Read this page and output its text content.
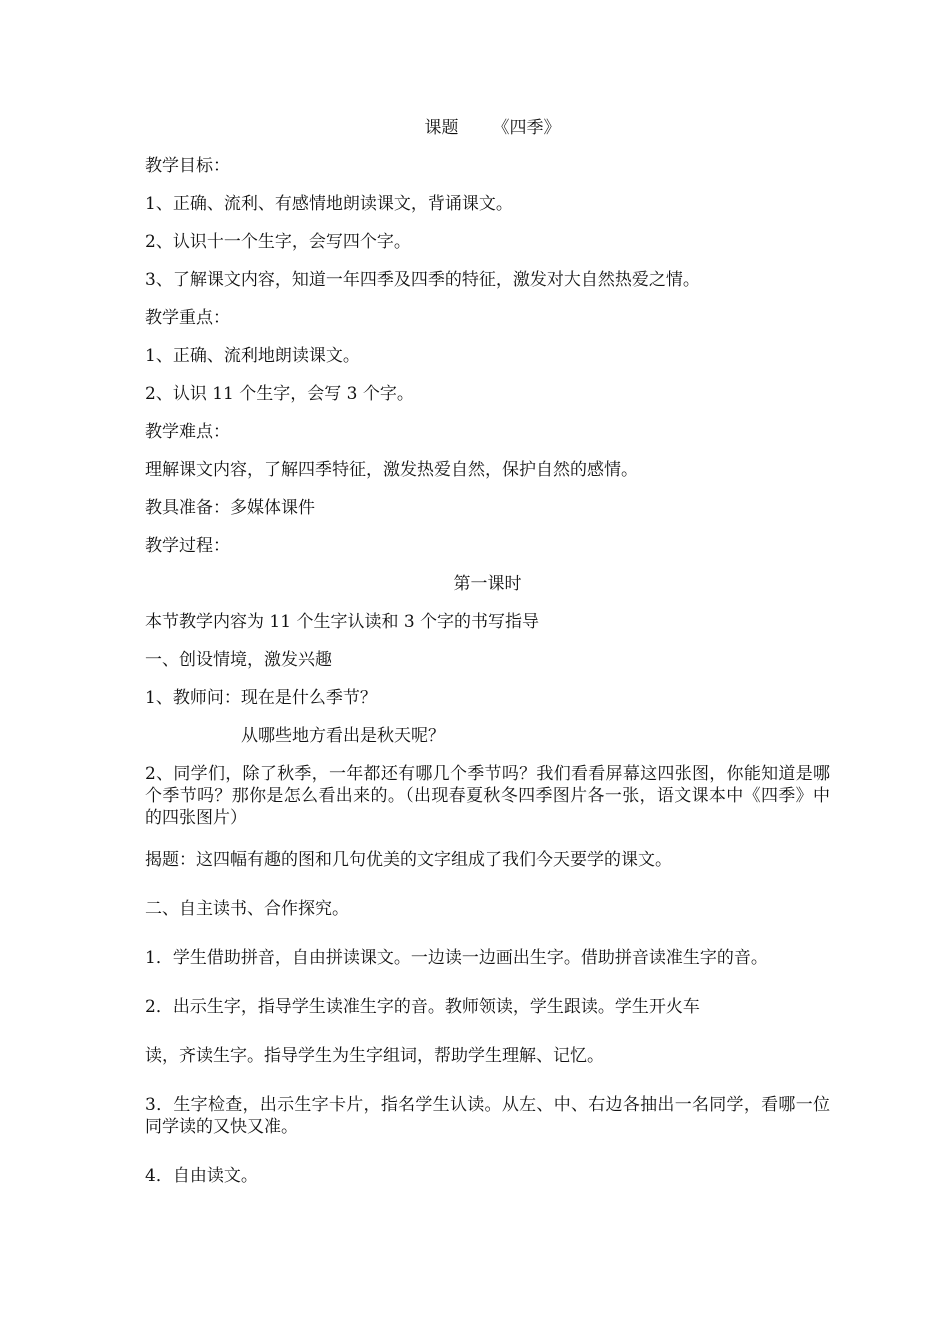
课题 《四季》
教学目标：
1、正确、流利、有感情地朗读课文，背诵课文。
2、认识十一个生字，会写四个字。
3、了解课文内容，知道一年四季及四季的特征，激发对大自然热爱之情。
教学重点：
1、正确、流利地朗读课文。
2、认识 11 个生字，会写 3 个字。
教学难点：
理解课文内容，了解四季特征，激发热爱自然，保护自然的感情。
教具准备：多媒体课件
教学过程：
第一课时
本节教学内容为 11 个生字认读和 3 个字的书写指导
一、创设情境，激发兴趣
1、教师问：现在是什么季节？
从哪些地方看出是秋天呢？
2、同学们，除了秋季，一年都还有哪几个季节吗？我们看看屏幕这四张图，你能知道是哪个季节吗？那你是怎么看出来的。（出现春夏秋冬四季图片各一张，语文课本中《四季》中的四张图片）
揭题：这四幅有趣的图和几句优美的文字组成了我们今天要学的课文。
二、自主读书、合作探究。
1．学生借助拼音，自由拼读课文。一边读一边画出生字。借助拼音读准生字的音。
2．出示生字，指导学生读准生字的音。教师领读，学生跟读。学生开火车
读，齐读生字。指导学生为生字组词，帮助学生理解、记忆。
3．生字检查，出示生字卡片，指名学生认读。从左、中、右边各抽出一名同学，看哪一位同学读的又快又准。
4．自由读文。
